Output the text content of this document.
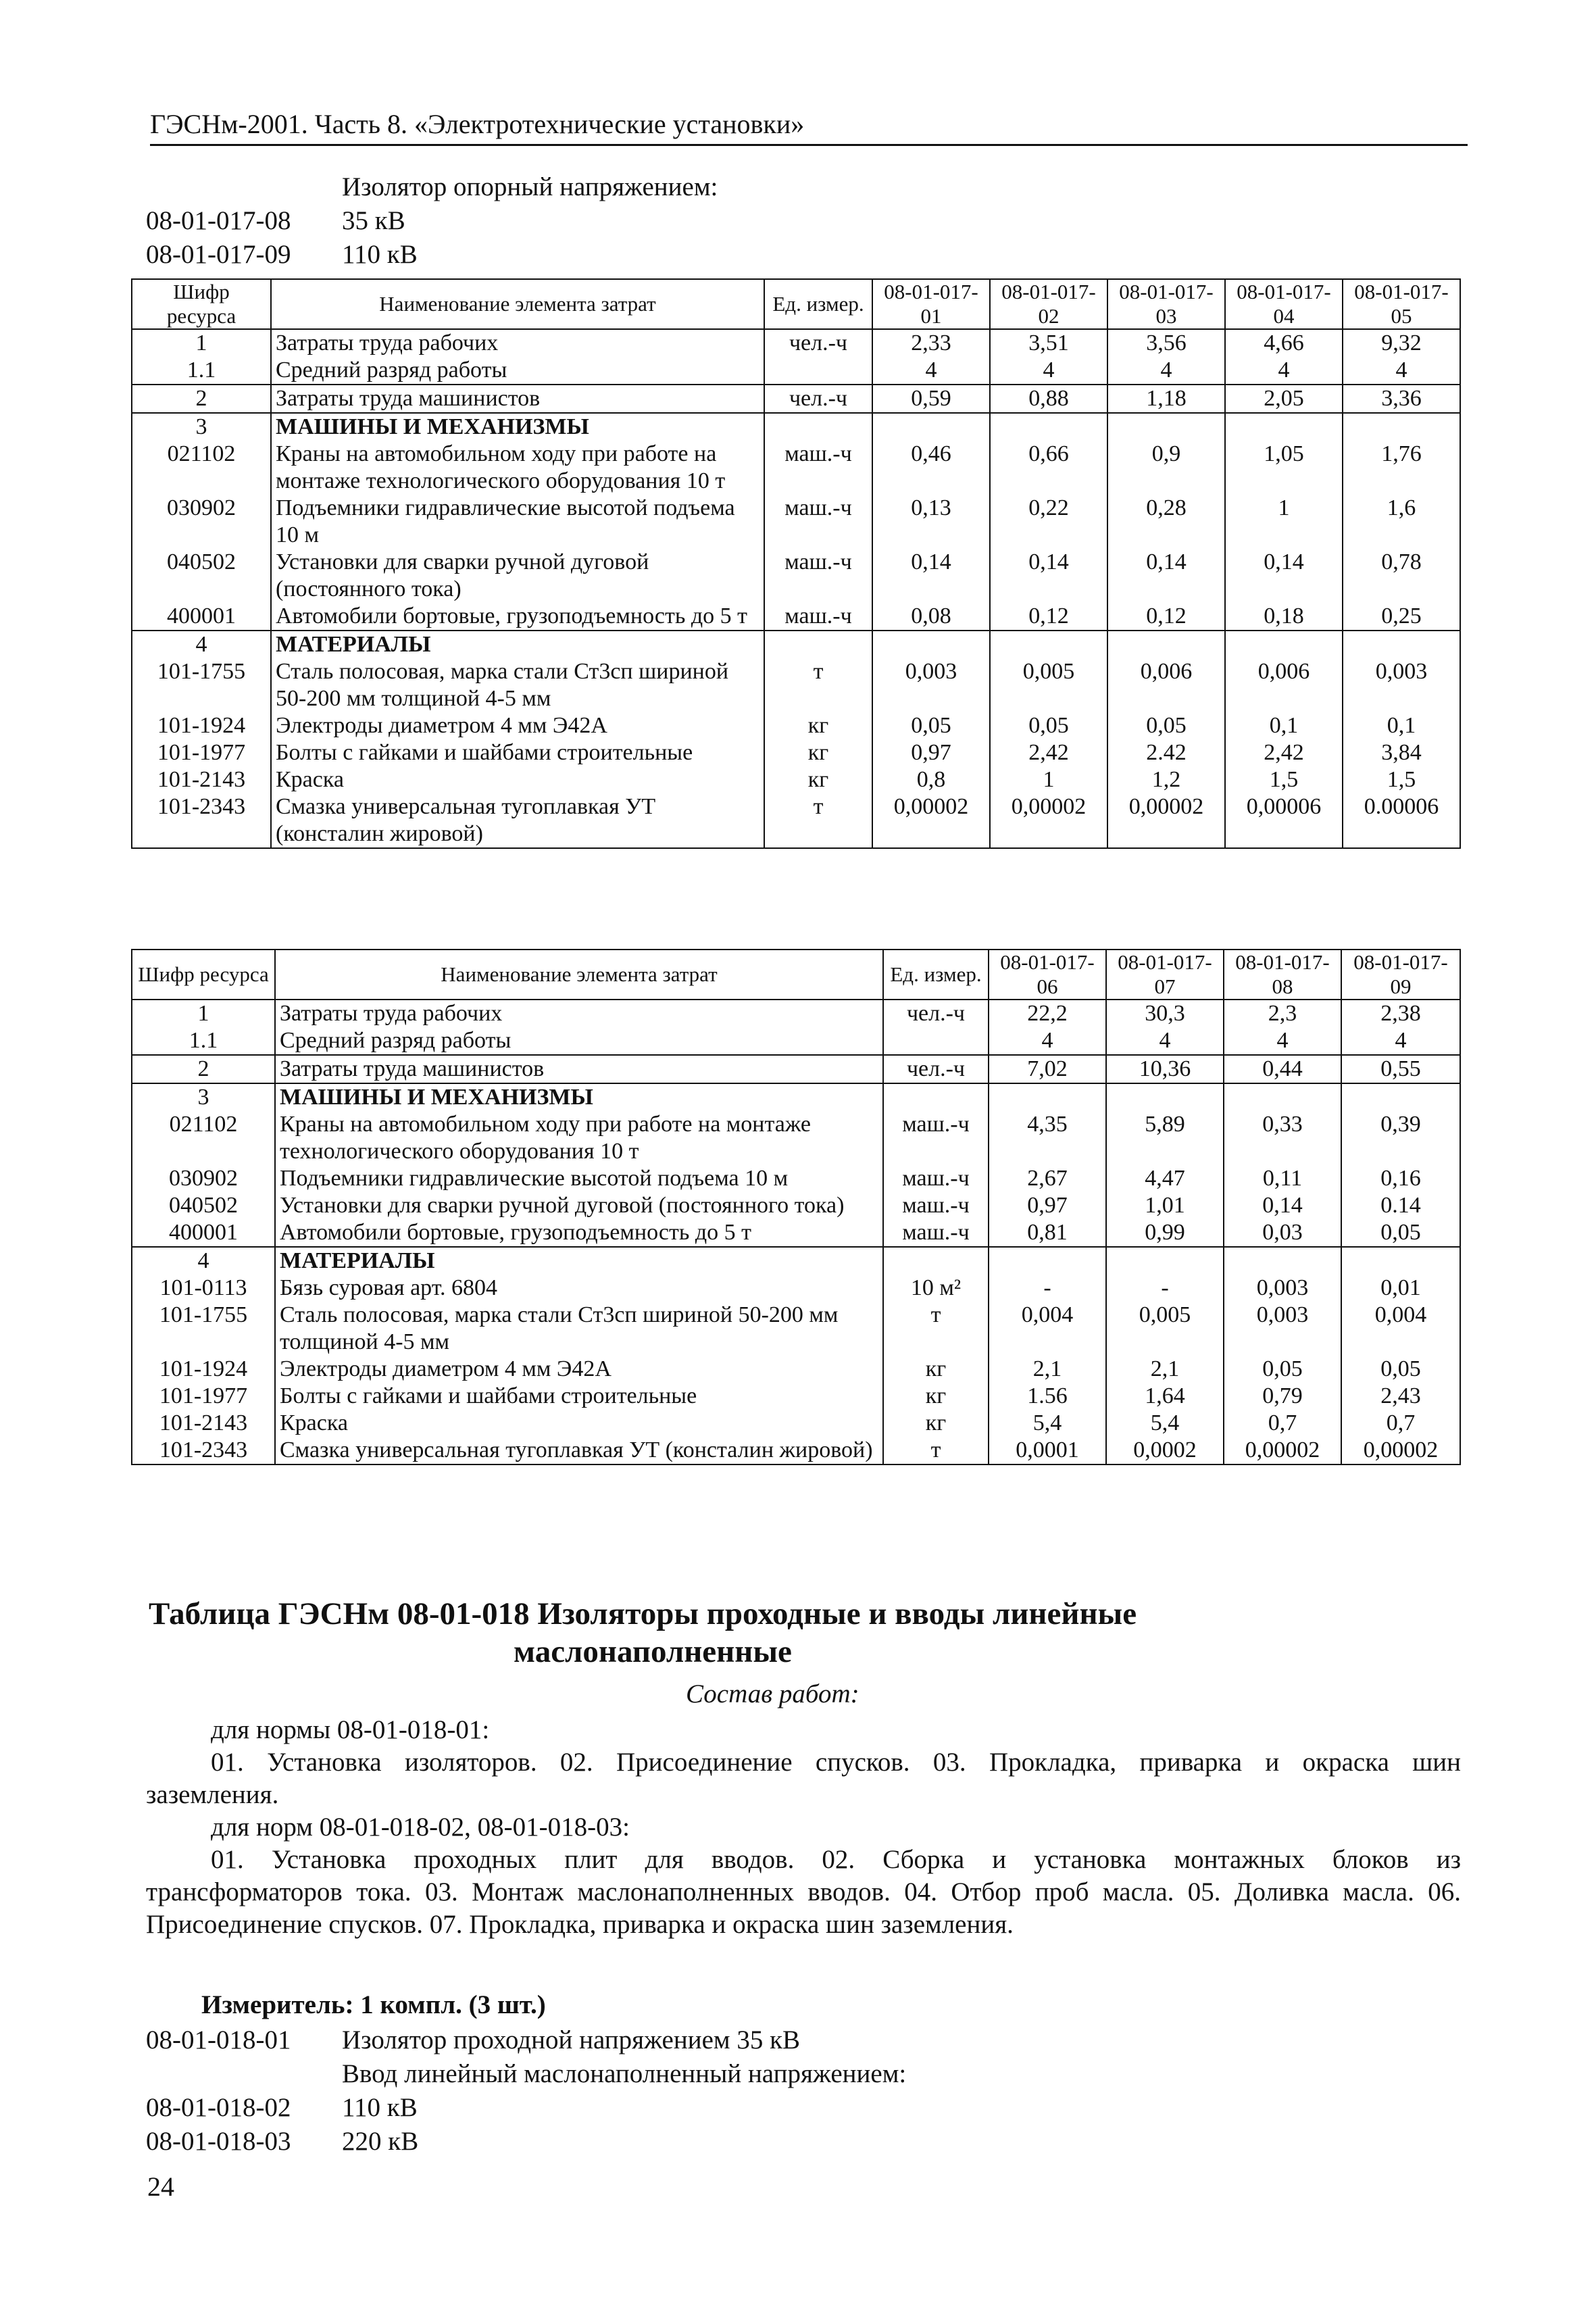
ГЭСНм-2001. Часть 8. «Электротехнические установки»
Изолятор опорный напряжением:
08-01-017-08	35 кВ
08-01-017-09	110 кВ
Шифр ресурса	Наименование элемента затрат	Ед. измер.	08-01-017-01	08-01-017-02	08-01-017-03	08-01-017-04	08-01-017-05
1	Затраты труда рабочих	чел.-ч	2,33	3,51	3,56	4,66	9,32
1.1	Средний разряд работы		4	4	4	4	4
2	Затраты труда машинистов	чел.-ч	0,59	0,88	1,18	2,05	3,36
3	МАШИНЫ И МЕХАНИЗМЫ						
021102	Краны на автомобильном ходу при работе на монтаже технологического оборудования 10 т	маш.-ч	0,46	0,66	0,9	1,05	1,76
030902	Подъемники гидравлические высотой подъема 10 м	маш.-ч	0,13	0,22	0,28	1	1,6
040502	Установки для сварки ручной дуговой (постоянного тока)	маш.-ч	0,14	0,14	0,14	0,14	0,78
400001	Автомобили бортовые, грузоподъемность до 5 т	маш.-ч	0,08	0,12	0,12	0,18	0,25
4	МАТЕРИАЛЫ						
101-1755	Сталь полосовая, марка стали Ст3сп шириной 50-200 мм толщиной 4-5 мм	т	0,003	0,005	0,006	0,006	0,003
101-1924	Электроды диаметром 4 мм Э42А	кг	0,05	0,05	0,05	0,1	0,1
101-1977	Болты с гайками и шайбами строительные	кг	0,97	2,42	2.42	2,42	3,84
101-2143	Краска	кг	0,8	1	1,2	1,5	1,5
101-2343	Смазка универсальная тугоплавкая УТ (консталин жировой)	т	0,00002	0,00002	0,00002	0,00006	0.00006
Шифр ресурса	Наименование элемента затрат	Ед. измер.	08-01-017-06	08-01-017-07	08-01-017-08	08-01-017-09
1	Затраты труда рабочих	чел.-ч	22,2	30,3	2,3	2,38
1.1	Средний разряд работы		4	4	4	4
2	Затраты труда машинистов	чел.-ч	7,02	10,36	0,44	0,55
3	МАШИНЫ И МЕХАНИЗМЫ					
021102	Краны на автомобильном ходу при работе на монтаже технологического оборудования 10 т	маш.-ч	4,35	5,89	0,33	0,39
030902	Подъемники гидравлические высотой подъема 10 м	маш.-ч	2,67	4,47	0,11	0,16
040502	Установки для сварки ручной дуговой (постоянного тока)	маш.-ч	0,97	1,01	0,14	0.14
400001	Автомобили бортовые, грузоподъемность до 5 т	маш.-ч	0,81	0,99	0,03	0,05
4	МАТЕРИАЛЫ					
101-0113	Бязь суровая арт. 6804	10 м²	-	-	0,003	0,01
101-1755	Сталь полосовая, марка стали Ст3сп шириной 50-200 мм толщиной 4-5 мм	т	0,004	0,005	0,003	0,004
101-1924	Электроды диаметром 4 мм Э42А	кг	2,1	2,1	0,05	0,05
101-1977	Болты с гайками и шайбами строительные	кг	1.56	1,64	0,79	2,43
101-2143	Краска	кг	5,4	5,4	0,7	0,7
101-2343	Смазка универсальная тугоплавкая УТ (консталин жировой)	т	0,0001	0,0002	0,00002	0,00002
Таблица ГЭСНм 08-01-018 Изоляторы проходные и вводы линейные
маслонаполненные
Состав работ:

для нормы 08-01-018-01:

01. Установка изоляторов. 02. Присоединение спусков. 03. Прокладка, приварка и окраска шин

заземления.

для норм 08-01-018-02, 08-01-018-03:

01. Установка проходных плит для вводов. 02. Сборка и установка монтажных блоков из

трансформаторов тока. 03. Монтаж маслонаполненных вводов. 04. Отбор проб масла. 05. Доливка масла. 06.

Присоединение спусков. 07. Прокладка, приварка и окраска шин заземления.

Измеритель: 1 компл. (3 шт.)
08-01-018-01	Изолятор проходной напряжением 35 кВ
Ввод линейный маслонаполненный напряжением:
08-01-018-02	110 кВ
08-01-018-03	220 кВ
24
